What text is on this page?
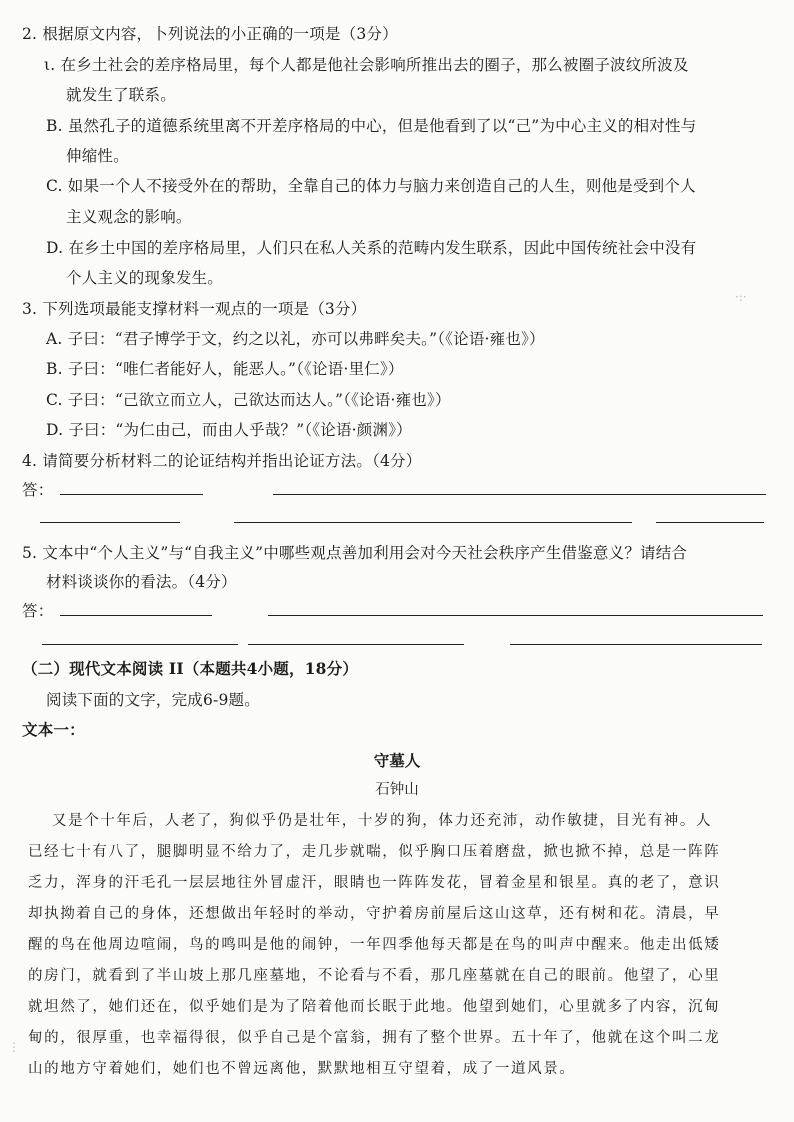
2. 根据原文内容，卜列说法的小正确的一项是（3分）
ι. 在乡土社会的差序格局里，每个人都是他社会影响所推出去的圈子，那么被圈子波纹所波及
就发生了联系。
B. 虽然孔子的道德系统里离不开差序格局的中心，但是他看到了以“己”为中心主义的相对性与
伸缩性。
C. 如果一个人不接受外在的帮助，全靠自己的体力与脑力来创造自己的人生，则他是受到个人
主义观念的影响。
D. 在乡土中国的差序格局里，人们只在私人关系的范畴内发生联系，因此中国传统社会中没有
个人主义的现象发生。
3. 下列选项最能支撑材料一观点的一项是（3分）
A. 子曰：“君子博学于文，约之以礼，亦可以弗畔矣夫。”（《论语·雍也》）
B. 子曰：“唯仁者能好人，能恶人。”（《论语·里仁》）
C. 子曰：“己欲立而立人，己欲达而达人。”（《论语·雍也》）
D. 子曰：“为仁由己，而由人乎哉？”（《论语·颜渊》）
4. 请简要分析材料二的论证结构并指出论证方法。（4分）
答：
5. 文本中“个人主义”与“自我主义”中哪些观点善加利用会对今天社会秩序产生借鉴意义？请结合
材料谈谈你的看法。（4分）
答：
（二）现代文本阅读 II（本题共4小题，18分）
阅读下面的文字，完成6-9题。
文本一：
守墓人
石钟山
又是个十年后，人老了，狗似乎仍是壮年，十岁的狗，体力还充沛，动作敏捷，目光有神。人
已经七十有八了，腿脚明显不给力了，走几步就喘，似乎胸口压着磨盘，掀也掀不掉，总是一阵阵
乏力，浑身的汗毛孔一层层地往外冒虚汗，眼睛也一阵阵发花，冒着金星和银星。真的老了，意识
却执拗着自己的身体，还想做出年轻时的举动，守护着房前屋后这山这草，还有树和花。清晨，早
醒的鸟在他周边喧闹，鸟的鸣叫是他的闹钟，一年四季他每天都是在鸟的叫声中醒来。他走出低矮
的房门，就看到了半山坡上那几座墓地，不论看与不看，那几座墓就在自己的眼前。他望了，心里
就坦然了，她们还在，似乎她们是为了陪着他而长眠于此地。他望到她们，心里就多了内容，沉甸
甸的，很厚重，也幸福得很，似乎自己是个富翁，拥有了整个世界。五十年了，他就在这个叫二龙
山的地方守着她们，她们也不曾远离他，默默地相互守望着，成了一道风景。
·:·
⋮
